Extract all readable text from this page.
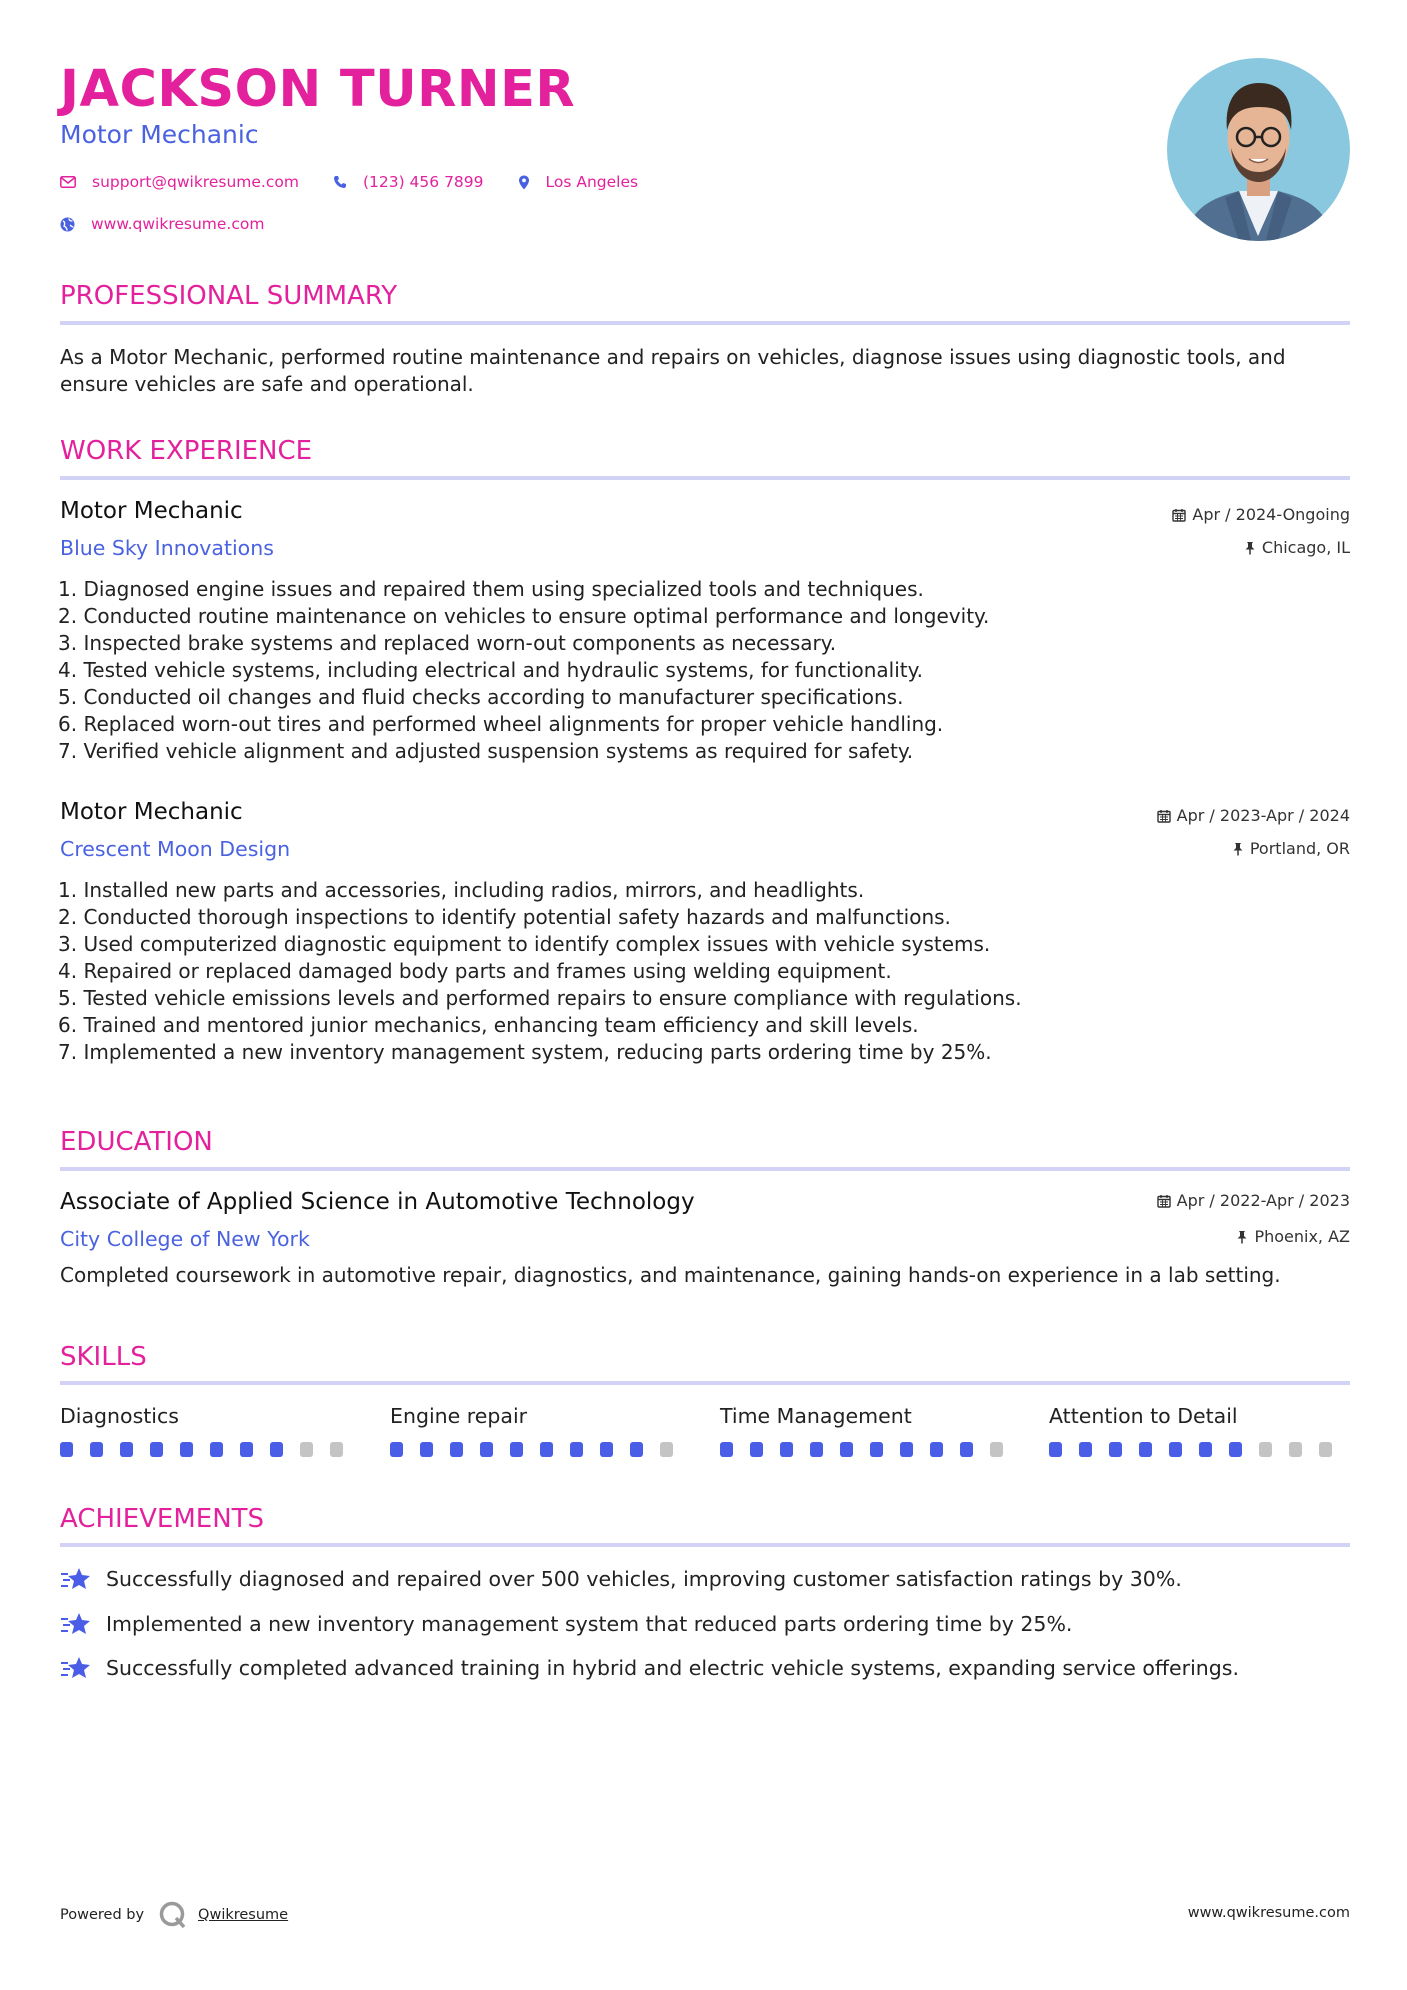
JACKSON TURNER
Motor Mechanic
support@qwikresume.com	(123) 456 7899	Los Angeles
www.qwikresume.com
PROFESSIONAL SUMMARY
As a Motor Mechanic, performed routine maintenance and repairs on vehicles, diagnose issues using diagnostic tools, and ensure vehicles are safe and operational.
WORK EXPERIENCE
Motor Mechanic	Apr / 2024-Ongoing
Blue Sky Innovations	Chicago, IL
1. Diagnosed engine issues and repaired them using specialized tools and techniques.
2. Conducted routine maintenance on vehicles to ensure optimal performance and longevity.
3. Inspected brake systems and replaced worn-out components as necessary.
4. Tested vehicle systems, including electrical and hydraulic systems, for functionality.
5. Conducted oil changes and fluid checks according to manufacturer specifications.
6. Replaced worn-out tires and performed wheel alignments for proper vehicle handling.
7. Verified vehicle alignment and adjusted suspension systems as required for safety.
Motor Mechanic	Apr / 2023-Apr / 2024
Crescent Moon Design	Portland, OR
1. Installed new parts and accessories, including radios, mirrors, and headlights.
2. Conducted thorough inspections to identify potential safety hazards and malfunctions.
3. Used computerized diagnostic equipment to identify complex issues with vehicle systems.
4. Repaired or replaced damaged body parts and frames using welding equipment.
5. Tested vehicle emissions levels and performed repairs to ensure compliance with regulations.
6. Trained and mentored junior mechanics, enhancing team efficiency and skill levels.
7. Implemented a new inventory management system, reducing parts ordering time by 25%.
EDUCATION
Associate of Applied Science in Automotive Technology	Apr / 2022-Apr / 2023
City College of New York	Phoenix, AZ
Completed coursework in automotive repair, diagnostics, and maintenance, gaining hands-on experience in a lab setting.
SKILLS
Diagnostics	Engine repair	Time Management	Attention to Detail
ACHIEVEMENTS
Successfully diagnosed and repaired over 500 vehicles, improving customer satisfaction ratings by 30%.
Implemented a new inventory management system that reduced parts ordering time by 25%.
Successfully completed advanced training in hybrid and electric vehicle systems, expanding service offerings.
Powered by	Qwikresume	www.qwikresume.com
